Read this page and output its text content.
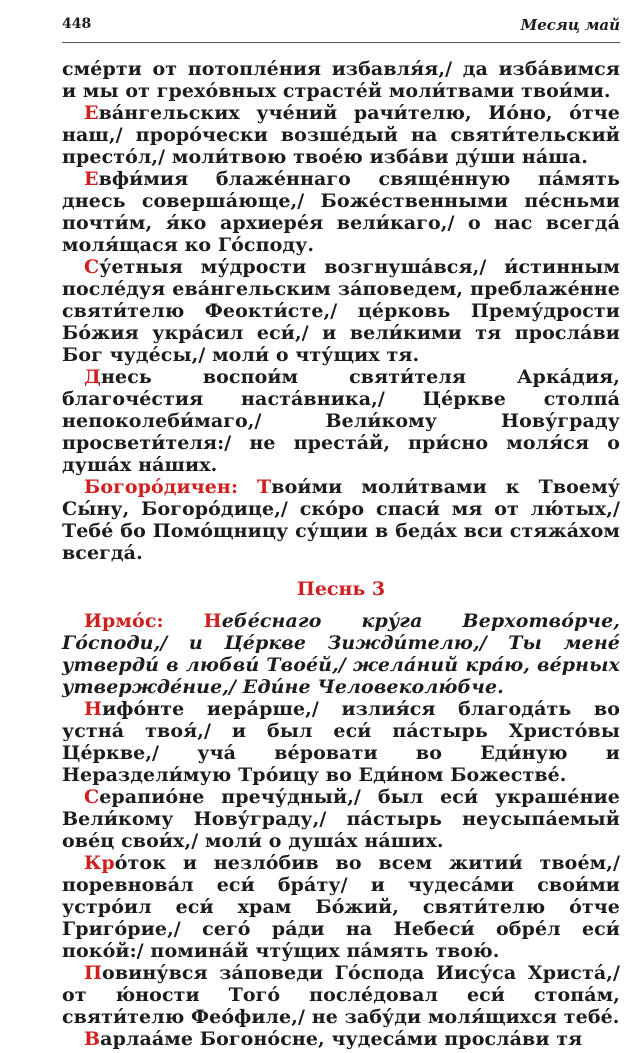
448	Месяц май

сме́рти от потопле́ния избавля́я,/ да изба́вимся и мы от грехо́вных страсте́й моли́твами твои́ми.

Ева́нгельских уче́ний рачи́телю, Ио́но, о́тче наш,/ проро́чески возше́дый на святи́тельский престо́л,/ моли́твою твое́ю изба́ви ду́ши на́ша.

Евфи́мия блаже́ннаго свяще́нную па́мять днесь соверша́юще,/ Боже́ственными пе́сньми почти́м, я́ко архиере́я вели́каго,/ о нас всегда́ моля́щася ко Го́споду.

Су́етныя му́дрости возгнуша́вся,/ и́стинным после́дуя ева́нгельским за́поведем, преблаже́нне святи́телю Феокти́сте,/ це́рковь Прему́дрости Бо́жия укра́сил еси́,/ и вели́кими тя просла́ви Бог чуде́сы,/ моли́ о чту́щих тя.

Днесь воспои́м святи́теля Арка́дия, благоче́стия наста́вника,/ Це́ркве столпа́ непоколеби́маго,/ Вели́кому Нову́граду просвети́теля:/ не преста́й, при́сно моля́ся о душа́х на́ших.

Богоро́дичен: Твои́ми моли́твами к Твоему́ Сы́ну, Богоро́дице,/ ско́ро спаси́ мя от лю́тых,/ Тебе́ бо Помо́щницу су́щии в беда́х вси стяжа́хом всегда́.

Песнь 3

Ирмо́с: Небе́снаго кру́га Верхотво́рче, Го́споди,/ и Це́ркве Зижди́телю,/ Ты мене́ утверди́ в любви́ Твое́й,/ жела́ний кра́ю, ве́рных утвержде́ние,/ Еди́не Человеколю́бче.

Нифо́нте иера́рше,/ излия́ся благода́ть во устна́ твоя́,/ и был еси́ па́стырь Христо́вы Це́ркве,/ уча́ ве́ровати во Еди́ную и Нераздели́мую Тро́ицу во Еди́ном Божестве́.

Серапио́не пречу́дный,/ был еси́ украше́ние Вели́кому Нову́граду,/ па́стырь неусыпа́емый ове́ц свои́х,/ моли́ о душа́х на́ших.

Кро́ток и незло́бив во всем житии́ твое́м,/ поревнова́л еси́ бра́ту/ и чудеса́ми свои́ми устро́ил еси́ храм Бо́жий, святи́телю о́тче Григо́рие,/ сего́ ра́ди на Небеси́ обре́л еси́ поко́й:/ помина́й чту́щих па́мять твою́.

Повину́вся за́поведи Го́спода Иису́са Христа́,/ от ю́ности Того́ после́довал еси́ стопа́м, святи́телю Фео́филе,/ не забу́ди моля́щихся тебе́.

Варлаа́ме Богоно́сне, чудеса́ми просла́ви тя
